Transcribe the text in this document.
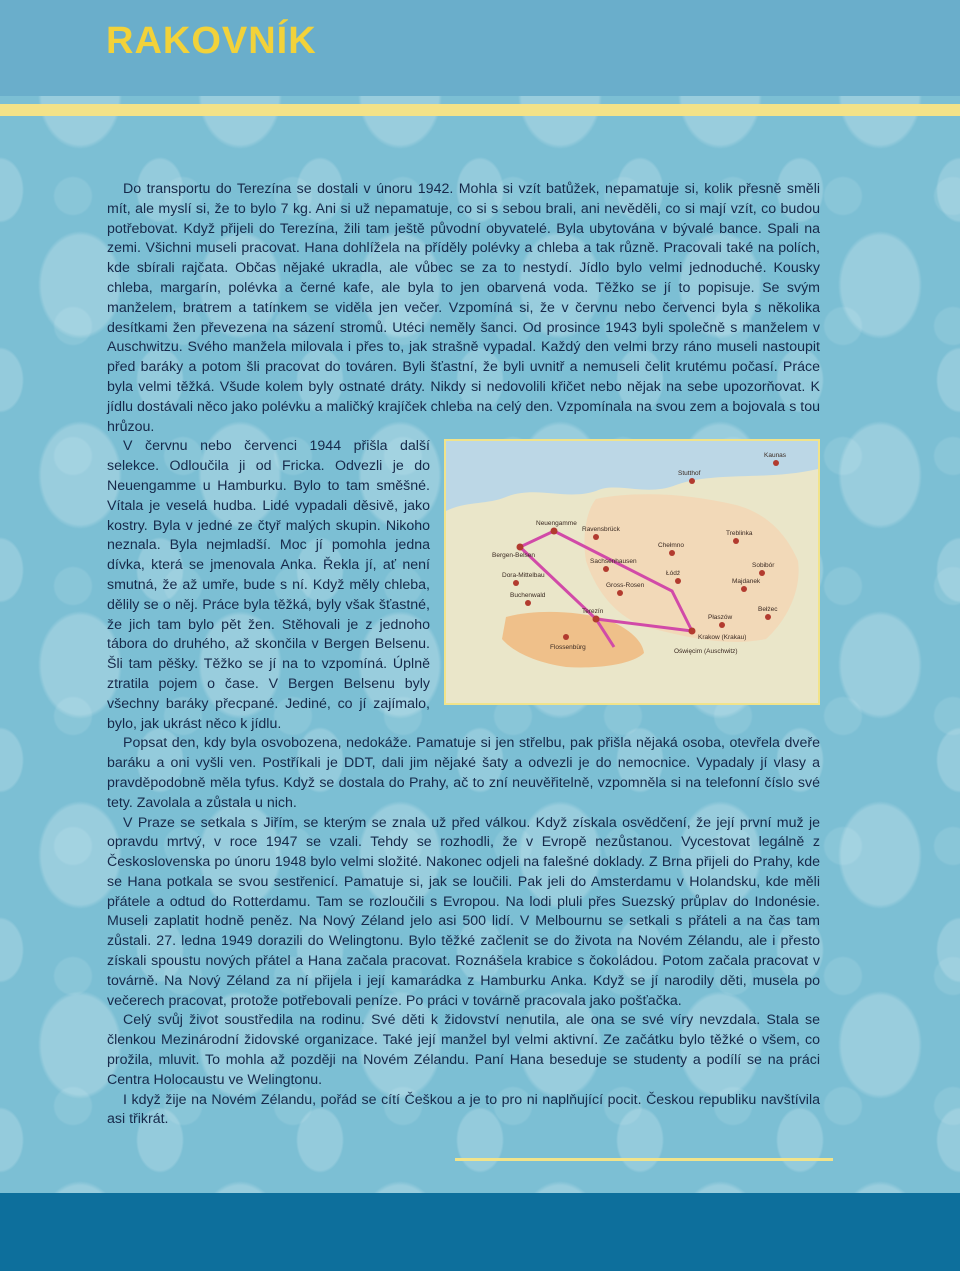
RAKOVNÍK

Do transportu do Terezína se dostali v únoru 1942. Mohla si vzít batůžek, nepamatuje si, kolik přesně směli mít, ale myslí si, že to bylo 7 kg. Ani si už nepamatuje, co si s sebou brali, ani nevěděli, co si mají vzít, co budou potřebovat. Když přijeli do Terezína, žili tam ještě původní obyvatelé. Byla ubytována v bývalé bance. Spali na zemi. Všichni museli pracovat. Hana dohlížela na příděly polévky a chleba a tak různě. Pracovali také na polích, kde sbírali rajčata. Občas nějaké ukradla, ale vůbec se za to nestydí. Jídlo bylo velmi jednoduché. Kousky chleba, margarín, polévka a černé kafe, ale byla to jen obarvená voda. Těžko se jí to popisuje. Se svým manželem, bratrem a tatínkem se viděla jen večer. Vzpomíná si, že v červnu nebo červenci byla s několika desítkami žen převezena na sázení stromů. Utéci neměly šanci. Od prosince 1943 byli společně s manželem v Auschwitzu. Svého manžela milovala i přes to, jak strašně vypadal. Každý den velmi brzy ráno museli nastoupit před baráky a potom šli pracovat do továren. Byli šťastní, že byli uvnitř a nemuseli čelit krutému počasí. Práce byla velmi těžká. Všude kolem byly ostnaté dráty. Nikdy si nedovolili křičet nebo nějak na sebe upozorňovat. K jídlu dostávali něco jako polévku a maličký krajíček chleba na celý den. Vzpomínala na svou zem a bojovala s tou hrůzou.

Neuengamme
Bergen-Belsen
Ravensbrück
Stutthof
Sachsenhausen
Treblinka
Chełmno
Sobibór
Majdanek
Bełżec
Płaszów
Łódź
Gross-Rosen
Dora-Mittelbau
Buchenwald
Flossenbürg
Krakow (Krakau)
Oświęcim (Auschwitz)
Terezín
Kaunas

V červnu nebo červenci 1944 přišla další selekce. Odloučila ji od Fricka. Odvezli je do Neuengamme u Hamburku. Bylo to tam směšné. Vítala je veselá hudba. Lidé vypadali děsivě, jako kostry. Byla v jedné ze čtyř malých skupin. Nikoho neznala. Byla nejmladší. Moc jí pomohla jedna dívka, která se jmenovala Anka. Řekla jí, ať není smutná, že až umře, bude s ní. Když měly chleba, dělily se o něj. Práce byla těžká, byly však šťastné, že jich tam bylo pět žen. Stěhovali je z jednoho tábora do druhého, až skončila v Bergen Belsenu. Šli tam pěšky. Těžko se jí na to vzpomíná. Úplně ztratila pojem o čase. V Bergen Belsenu byly všechny baráky přecpané. Jediné, co jí zajímalo, bylo, jak ukrást něco k jídlu.

Popsat den, kdy byla osvobozena, nedokáže. Pamatuje si jen střelbu, pak přišla nějaká osoba, otevřela dveře baráku a oni vyšli ven. Postříkali je DDT, dali jim nějaké šaty a odvezli je do nemocnice. Vypadaly jí vlasy a pravděpodobně měla tyfus. Když se dostala do Prahy, ač to zní neuvěřitelně, vzpomněla si na telefonní číslo své tety. Zavolala a zůstala u nich.

V Praze se setkala s Jiřím, se kterým se znala už před válkou. Když získala osvědčení, že její první muž je opravdu mrtvý, v roce 1947 se vzali. Tehdy se rozhodli, že v Evropě nezůstanou. Vycestovat legálně z Československa po únoru 1948 bylo velmi složité. Nakonec odjeli na falešné doklady. Z Brna přijeli do Prahy, kde se Hana potkala se svou sestřenicí. Pamatuje si, jak se loučili. Pak jeli do Amsterdamu v Holandsku, kde měli přátele a odtud do Rotterdamu. Tam se rozloučili s Evropou. Na lodi pluli přes Suezský průplav do Indonésie. Museli zaplatit hodně peněz. Na Nový Zéland jelo asi 500 lidí. V Melbournu se setkali s přáteli a na čas tam zůstali. 27. ledna 1949 dorazili do Welingtonu. Bylo těžké začlenit se do života na Novém Zélandu, ale i přesto získali spoustu nových přátel a Hana začala pracovat. Roznášela krabice s čokoládou. Potom začala pracovat v továrně. Na Nový Zéland za ní přijela i její kamarádka z Hamburku Anka. Když se jí narodily děti, musela po večerech pracovat, protože potřebovali peníze. Po práci v továrně pracovala jako pošťačka.

Celý svůj život soustředila na rodinu. Své děti k židovství nenutila, ale ona se své víry nevzdala. Stala se členkou Mezinárodní židovské organizace. Také její manžel byl velmi aktivní. Ze začátku bylo těžké o všem, co prožila, mluvit. To mohla až později na Novém Zélandu. Paní Hana beseduje se studenty a podílí se na práci Centra Holocaustu ve Welingtonu.

I když žije na Novém Zélandu, pořád se cítí Češkou a je to pro ni naplňující pocit. Českou republiku navštívila asi třikrát.
